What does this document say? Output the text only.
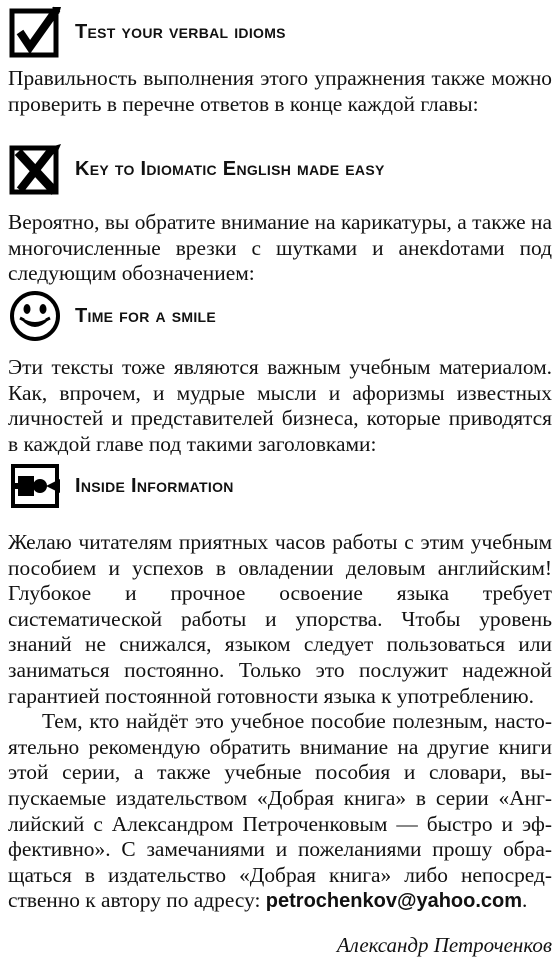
Test your verbal idioms

Правильность выполнения этого упражнения также можно проверить в перечне ответов в конце каждой главы:

Key to Idiomatic English made easy

Вероятно, вы обратите внимание на карикатуры, а также на многочисленные врезки с шутками и анекdотами под следующим обозначением:

Time for a smile

Эти тексты тоже являются важным учебным материалом. Как, впрочем, и мудрые мысли и афоризмы известных личностей и представителей бизнеса, которые приводятся в каждой главе под такими заголовками:

Inside Information

Желаю читателям приятных часов работы с этим учебным пособием и успехов в овладении деловым английским! Глубокое и прочное освоение языка требует систематической работы и упорства. Чтобы уровень знаний не снижался, языком следует пользоваться или заниматься постоянно. Только это послужит надежной гарантией постоянной готовности языка к употреблению.

Тем, кто найдёт это учебное пособие полезным, настоятельно рекомендую обратить внимание на другие книги этой серии, а также учебные пособия и словари, выпускаемые издательством «Добрая книга» в серии «Английский с Александром Петроченковым — быстро и эффективно». С замечаниями и пожеланиями прошу обращаться в издательство «Добрая книга» либо непосредственно к автору по адресу: petrochenkov@yahoo.com.

Александр Петроченков
